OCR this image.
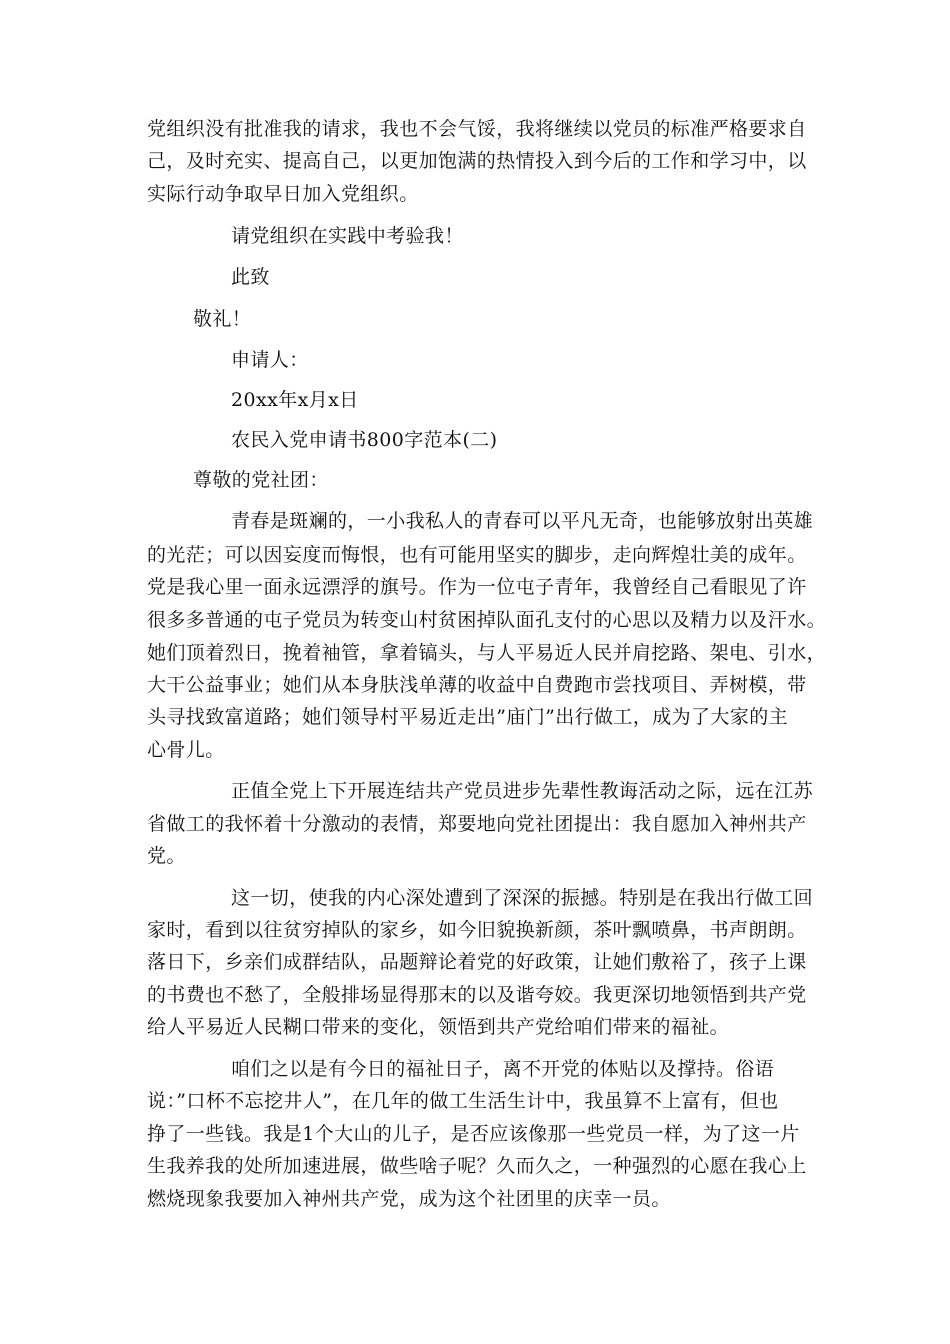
党组织没有批准我的请求，我也不会气馁，我将继续以党员的标准严格要求自
己，及时充实、提高自己，以更加饱满的热情投入到今后的工作和学习中，以
实际行动争取早日加入党组织。
请党组织在实践中考验我！
此致
敬礼！
申请人：
20xx年x月x日
农民入党申请书800字范本(二)
尊敬的党社团：
青春是斑斓的，一小我私人的青春可以平凡无奇，也能够放射出英雄
的光茫；可以因妄度而悔恨，也有可能用坚实的脚步，走向辉煌壮美的成年。
党是我心里一面永远漂浮的旗号。作为一位屯子青年，我曾经自己看眼见了许
很多多普通的屯子党员为转变山村贫困掉队面孔支付的心思以及精力以及汗水。
她们顶着烈日，挽着袖管，拿着镐头，与人平易近人民并肩挖路、架电、引水，
大干公益事业；她们从本身肤浅单薄的收益中自费跑市尝找项目、弄树模，带
头寻找致富道路；她们领导村平易近走出”庙门”出行做工，成为了大家的主
心骨儿。
正值全党上下开展连结共产党员进步先辈性教诲活动之际，远在江苏
省做工的我怀着十分激动的表情，郑要地向党社团提出：我自愿加入神州共产
党。
这一切，使我的内心深处遭到了深深的振撼。特别是在我出行做工回
家时，看到以往贫穷掉队的家乡，如今旧貌换新颜，茶叶飘喷鼻，书声朗朗。
落日下，乡亲们成群结队，品题辩论着党的好政策，让她们敷裕了，孩子上课
的书费也不愁了，全般排场显得那末的以及谐夸姣。我更深切地领悟到共产党
给人平易近人民糊口带来的变化，领悟到共产党给咱们带来的福祉。
咱们之以是有今日的福祉日子，离不开党的体贴以及撑持。俗语
说：”口杯不忘挖井人”，在几年的做工生活生计中，我虽算不上富有，但也
挣了一些钱。我是1个大山的儿子，是否应该像那一些党员一样，为了这一片
生我养我的处所加速进展，做些啥子呢？久而久之，一种强烈的心愿在我心上
燃烧现象我要加入神州共产党，成为这个社团里的庆幸一员。
